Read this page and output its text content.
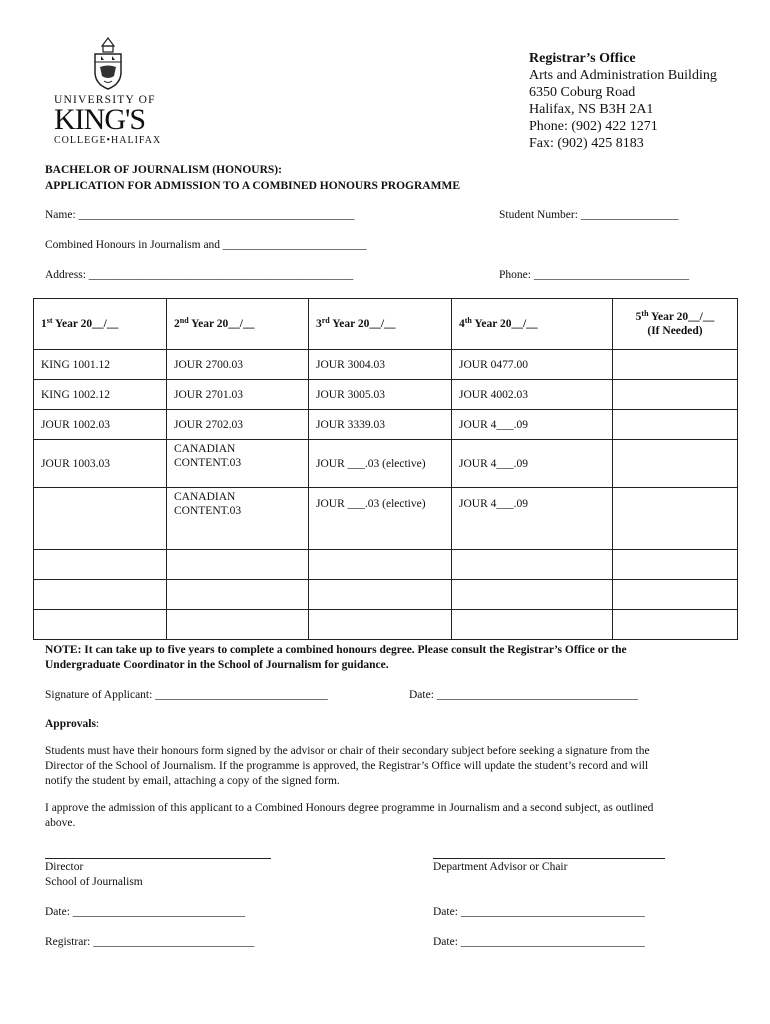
UNIVERSITY OF
KING'S
COLLEGE•HALIFAX
Registrar’s Office
Arts and Administration Building
6350 Coburg Road
Halifax, NS B3H 2A1
Phone: (902) 422 1271
Fax: (902) 425 8183
BACHELOR OF JOURNALISM (HONOURS):
APPLICATION FOR ADMISSION TO A COMBINED HONOURS PROGRAMME
Name: ________________________________________________	Student Number: _________________
Combined Honours in Journalism and _________________________
Address: ______________________________________________	Phone: ___________________________
1st Year 20__/__	2nd Year 20__/__	3rd Year 20__/__	4th Year 20__/__	5th Year 20__/__
(If Needed)
KING 1001.12	JOUR 2700.03	JOUR 3004.03	JOUR 0477.00	
KING 1002.12	JOUR 2701.03	JOUR 3005.03	JOUR 4002.03	
JOUR 1002.03	JOUR 2702.03	JOUR 3339.03	JOUR 4___.09	
JOUR 1003.03	CANADIAN CONTENT.03	JOUR ___.03 (elective)	JOUR 4___.09	
	CANADIAN CONTENT.03	JOUR ___.03 (elective)	JOUR 4___.09	

NOTE: It can take up to five years to complete a combined honours degree. Please consult the Registrar’s Office or the
Undergraduate Coordinator in the School of Journalism for guidance.
Signature of Applicant: ______________________________	Date: ___________________________________
Approvals:
Students must have their honours form signed by the advisor or chair of their secondary subject before seeking a signature from the
Director of the School of Journalism. If the programme is approved, the Registrar’s Office will update the student’s record and will
notify the student by email, attaching a copy of the signed form.
I approve the admission of this applicant to a Combined Honours degree programme in Journalism and a second subject, as outlined
above.
Director
School of Journalism
Department Advisor or Chair
Date: ______________________________	Date: ________________________________
Registrar: ____________________________	Date: ________________________________
